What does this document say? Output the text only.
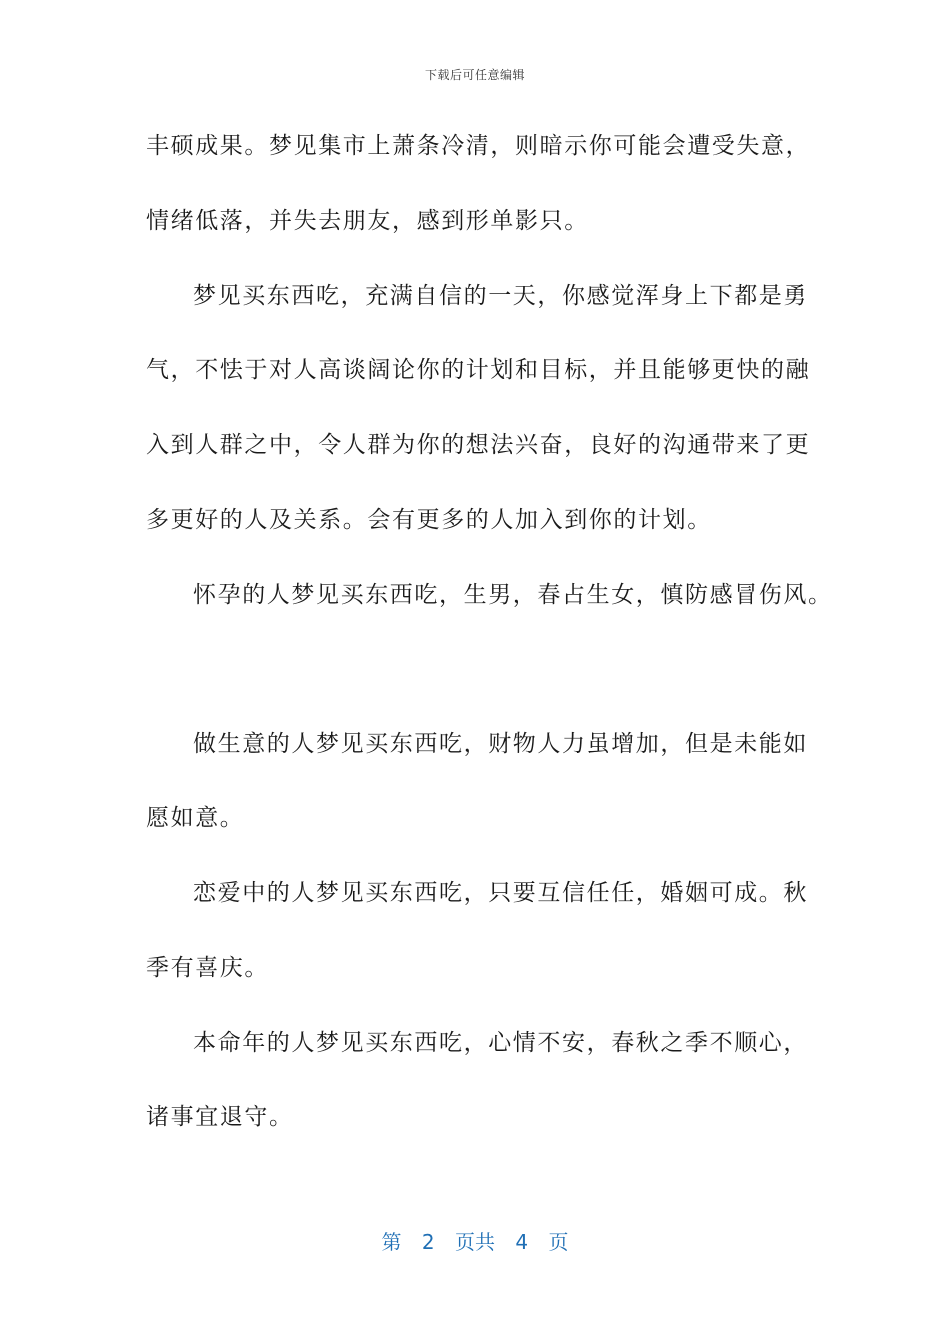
下载后可任意编辑
丰硕成果。梦见集市上萧条冷清，则暗示你可能会遭受失意，
情绪低落，并失去朋友，感到形单影只。
梦见买东西吃，充满自信的一天，你感觉浑身上下都是勇
气，不怯于对人高谈阔论你的计划和目标，并且能够更快的融
入到人群之中，令人群为你的想法兴奋，良好的沟通带来了更
多更好的人及关系。会有更多的人加入到你的计划。
怀孕的人梦见买东西吃，生男，春占生女，慎防感冒伤风。
做生意的人梦见买东西吃，财物人力虽增加，但是未能如
愿如意。
恋爱中的人梦见买东西吃，只要互信任任，婚姻可成。秋
季有喜庆。
本命年的人梦见买东西吃，心情不安，春秋之季不顺心，
诸事宜退守。
第 2 页共 4 页
